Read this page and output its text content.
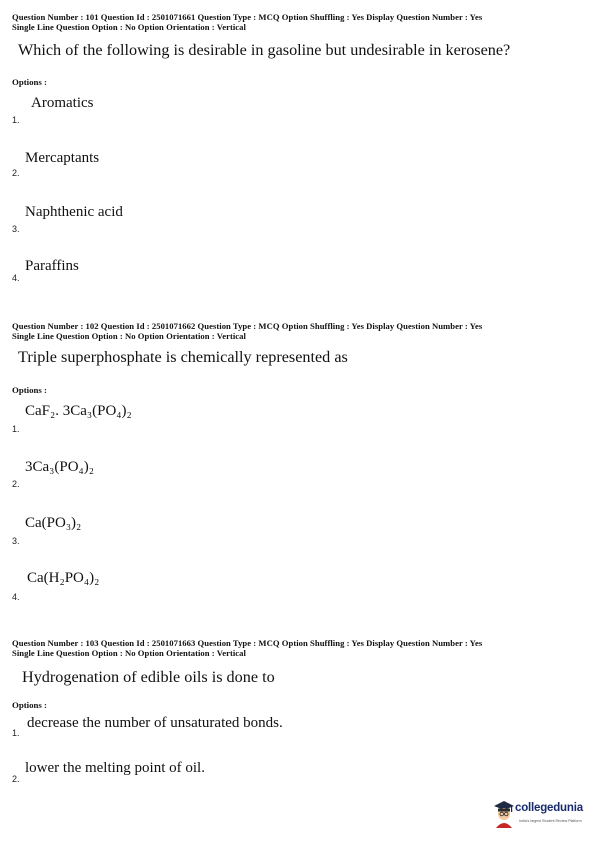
Question Number : 101 Question Id : 2501071661 Question Type : MCQ Option Shuffling : Yes Display Question Number : Yes
Single Line Question Option : No Option Orientation : Vertical
Which of the following is desirable in gasoline but undesirable in kerosene?
Options :
Aromatics
1.
Mercaptants
2.
Naphthenic acid
3.
Paraffins
4.
Question Number : 102 Question Id : 2501071662 Question Type : MCQ Option Shuffling : Yes Display Question Number : Yes
Single Line Question Option : No Option Orientation : Vertical
Triple superphosphate is chemically represented as
Options :
CaF₂. 3Ca₃(PO₄)₂
1.
3Ca₃(PO₄)₂
2.
Ca(PO₃)₂
3.
Ca(H₂PO₄)₂
4.
Question Number : 103 Question Id : 2501071663 Question Type : MCQ Option Shuffling : Yes Display Question Number : Yes
Single Line Question Option : No Option Orientation : Vertical
Hydrogenation of edible oils is done to
Options :
decrease the number of unsaturated bonds.
1.
lower the melting point of oil.
2.
collegedunia
India's largest Student Review Platform
